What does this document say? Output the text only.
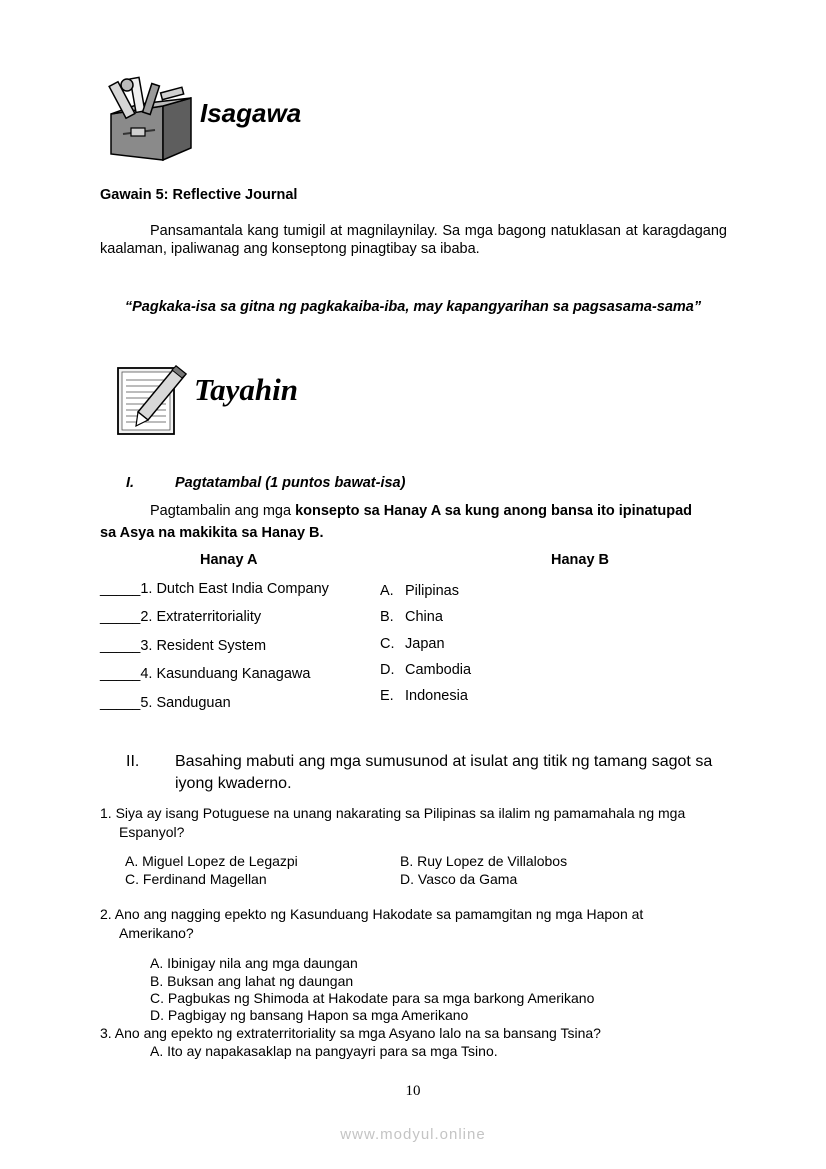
Isagawa
Gawain 5: Reflective Journal
Pansamantala kang tumigil at magnilaynilay. Sa mga bagong natuklasan at karagdagang kaalaman, ipaliwanag ang konseptong pinagtibay sa ibaba.
“Pagkaka-isa sa gitna ng pagkakaiba-iba, may kapangyarihan sa pagsasama-sama”
Tayahin
I.	Pagtatambal (1 puntos bawat-isa)
Pagtambalin ang mga konsepto sa Hanay A sa kung anong bansa ito ipinatupad
sa Asya na makikita sa Hanay B.
Hanay A	Hanay B
_____1. Dutch East India Company
_____2. Extraterritoriality
_____3. Resident System
_____4. Kasunduang Kanagawa
_____5. Sanduguan
A. Pilipinas
B. China
C. Japan
D. Cambodia
E. Indonesia
II. Basahing mabuti ang mga sumusunod at isulat ang titik ng tamang sagot sa
iyong kwaderno.
1. Siya ay isang Potuguese na unang nakarating sa Pilipinas sa ilalim ng pamamahala ng mga
Espanyol?
A. Miguel Lopez de Legazpi	B. Ruy Lopez de Villalobos
C. Ferdinand Magellan	D. Vasco da Gama
2. Ano ang nagging epekto ng Kasunduang Hakodate sa pamamgitan ng mga Hapon at
Amerikano?
A. Ibinigay nila ang mga daungan
B. Buksan ang lahat ng daungan
C. Pagbukas ng Shimoda at Hakodate para sa mga barkong Amerikano
D. Pagbigay ng bansang Hapon sa mga Amerikano
3. Ano ang epekto ng extraterritoriality sa mga Asyano lalo na sa bansang Tsina?
A. Ito ay napakasaklap na pangyayri para sa mga Tsino.
10
www.modyul.online
